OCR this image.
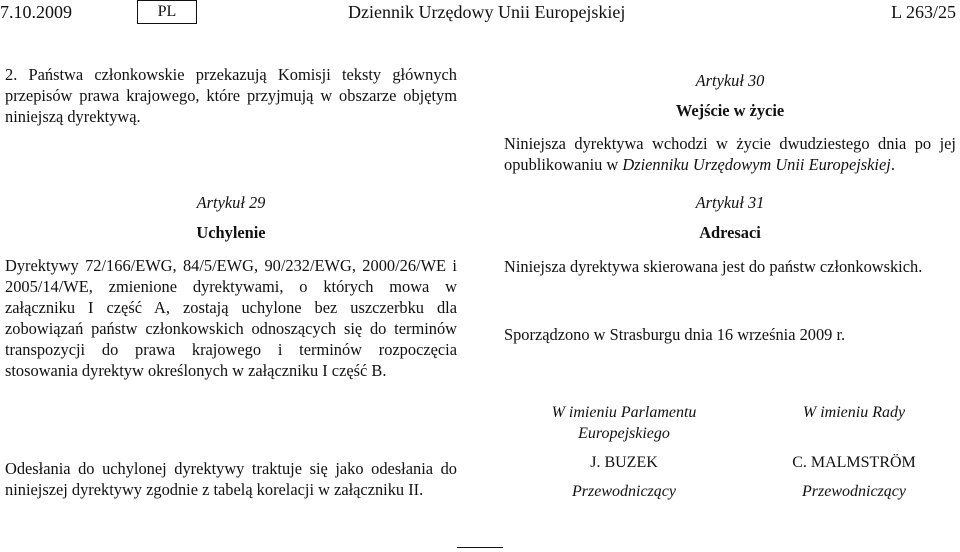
7.10.2009	PL	Dziennik Urzędowy Unii Europejskiej	L 263/25
2. Państwa członkowskie przekazują Komisji teksty głównych przepisów prawa krajowego, które przyjmują w obszarze objętym niniejszą dyrektywą.
Artykuł 29
Uchylenie
Dyrektywy 72/166/EWG, 84/5/EWG, 90/232/EWG, 2000/26/WE i 2005/14/WE, zmienione dyrektywami, o których mowa w załączniku I część A, zostają uchylone bez uszczerbku dla zobowiązań państw członkowskich odnoszących się do terminów transpozycji do prawa krajowego i terminów rozpoczęcia stosowania dyrektyw określonych w załączniku I część B.
Odesłania do uchylonej dyrektywy traktuje się jako odesłania do niniejszej dyrektywy zgodnie z tabelą korelacji w załączniku II.
Artykuł 30
Wejście w życie
Niniejsza dyrektywa wchodzi w życie dwudziestego dnia po jej opublikowaniu w Dzienniku Urzędowym Unii Europejskiej.
Artykuł 31
Adresaci
Niniejsza dyrektywa skierowana jest do państw członkowskich.
Sporządzono w Strasburgu dnia 16 września 2009 r.
W imieniu Parlamentu Europejskiego
J. BUZEK
Przewodniczący
W imieniu Rady
C. MALMSTRÖM
Przewodniczący
